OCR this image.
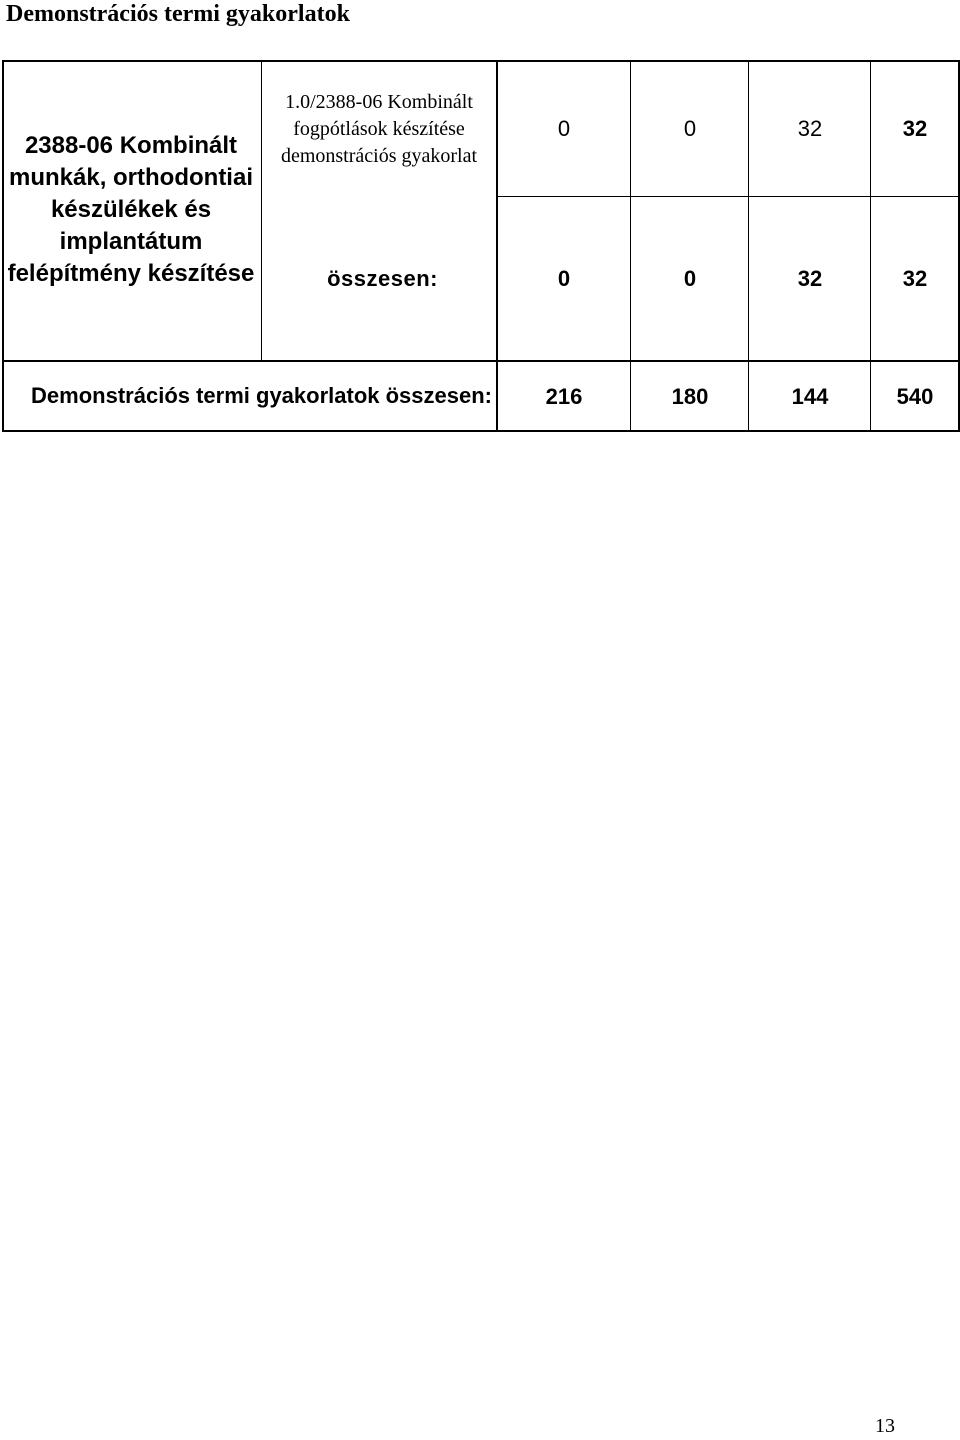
Demonstrációs termi gyakorlatok
2388-06 Kombinált munkák, orthodontiai készülékek és implantátum felépítmény készítése
1.0/2388-06 Kombinált fogpótlások készítése demonstrációs gyakorlat
0	0	32	32
összesen:	0	0	32	32
Demonstrációs termi gyakorlatok összesen:	216	180	144	540
13
